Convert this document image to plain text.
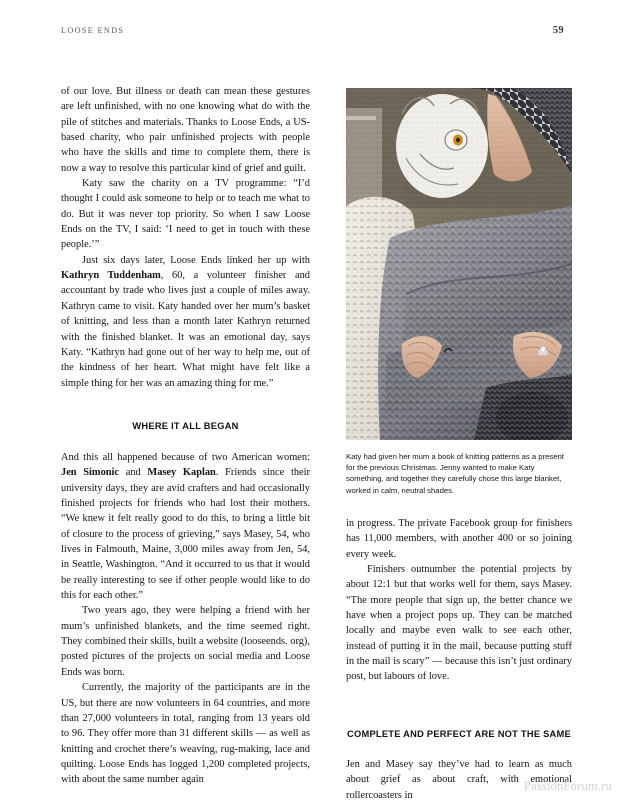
LOOSE ENDS	59

of our love. But illness or death can mean these gestures are left unfinished, with no one knowing what do with the pile of stitches and materials. Thanks to Loose Ends, a US-based charity, who pair unfinished projects with people who have the skills and time to complete them, there is now a way to resolve this particular kind of grief and guilt.

Katy saw the charity on a TV programme: “I’d thought I could ask someone to help or to teach me what to do. But it was never top priority. So when I saw Loose Ends on the TV, I said: ‘I need to get in touch with these people.’”

Just six days later, Loose Ends linked her up with Kathryn Tuddenham, 60, a volunteer finisher and accountant by trade who lives just a couple of miles away. Kathryn came to visit. Katy handed over her mum’s basket of knitting, and less than a month later Kathryn returned with the finished blanket. It was an emotional day, says Katy. “Kathryn had gone out of her way to help me, out of the kindness of her heart. What might have felt like a simple thing for her was an amazing thing for me.”

WHERE IT ALL BEGAN

And this all happened because of two American women: Jen Simonic and Masey Kaplan. Friends since their university days, they are avid crafters and had occasionally finished projects for friends who had lost their mothers. “We knew it felt really good to do this, to bring a little bit of closure to the process of grieving,” says Masey, 54, who lives in Falmouth, Maine, 3,000 miles away from Jen, 54, in Seattle, Washington. “And it occurred to us that it would be really interesting to see if other people would like to do this for each other.”

Two years ago, they were helping a friend with her mum’s unfinished blankets, and the time seemed right. They combined their skills, built a website (looseends. org), posted pictures of the projects on social media and Loose Ends was born.

Currently, the majority of the participants are in the US, but there are now volunteers in 64 countries, and more than 27,000 volunteers in total, ranging from 13 years old to 96. They offer more than 31 different skills — as well as knitting and crochet there’s weaving, rug-making, lace and quilting. Loose Ends has logged 1,200 completed projects, with about the same number again

Katy had given her mum a book of knitting patterns as a present for the previous Christmas. Jenny wanted to make Katy something, and together they carefully chose this large blanket, worked in calm, neutral shades.

in progress. The private Facebook group for finishers has 11,000 members, with another 400 or so joining every week.

Finishers outnumber the potential projects by about 12:1 but that works well for them, says Masey. “The more people that sign up, the better chance we have when a project pops up. They can be matched locally and maybe even walk to see each other, instead of putting it in the mail, because putting stuff in the mail is scary” — because this isn’t just ordinary post, but labours of love.

COMPLETE AND PERFECT ARE NOT THE SAME

Jen and Masey say they’ve had to learn as much about grief as about craft, with emotional rollercoasters in

PassionForum.ru
